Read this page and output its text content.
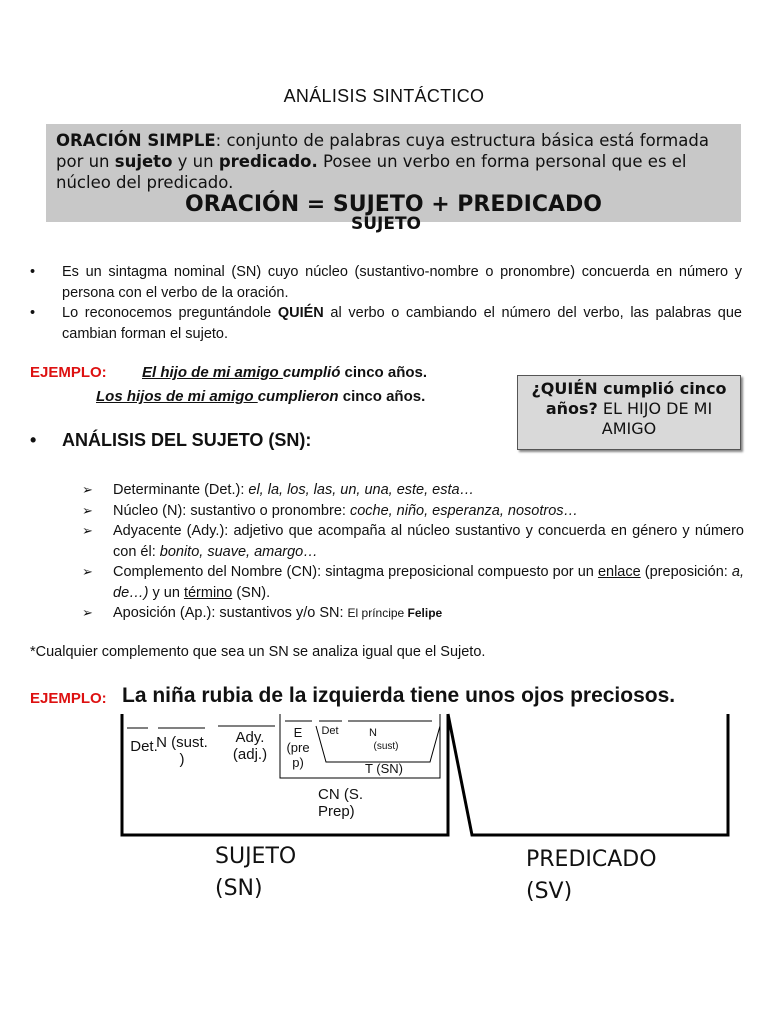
ANÁLISIS SINTÁCTICO
ORACIÓN SIMPLE: conjunto de palabras cuya estructura básica está formada por un sujeto y un predicado. Posee un verbo en forma personal que es el núcleo del predicado.
ORACIÓN = SUJETO + PREDICADO
SUJETO
• Es un sintagma nominal (SN) cuyo núcleo (sustantivo-nombre o pronombre) concuerda en número y persona con el verbo de la oración.
• Lo reconocemos preguntándole QUIÉN al verbo o cambiando el número del verbo, las palabras que cambian forman el sujeto.
EJEMPLO: El hijo de mi amigo cumplió cinco años.
Los hijos de mi amigo cumplieron cinco años.	¿QUIÉN cumplió cinco años? EL HIJO DE MI AMIGO
• ANÁLISIS DEL SUJETO (SN):
➢ Determinante (Det.): el, la, los, las, un, una, este, esta…
➢ Núcleo (N): sustantivo o pronombre: coche, niño, esperanza, nosotros…
➢ Adyacente (Ady.): adjetivo que acompaña al núcleo sustantivo y concuerda en género y número con él: bonito, suave, amargo…
➢ Complemento del Nombre (CN): sintagma preposicional compuesto por un enlace (preposición: a, de…) y un término (SN).
➢ Aposición (Ap.): sustantivos y/o SN: El príncipe Felipe
*Cualquier complemento que sea un SN se analiza igual que el Sujeto.
EJEMPLO: La niña rubia de la izquierda tiene unos ojos preciosos.
Det.
N (sust. )
Ady. (adj.)
E (pre p)
Det	N
(sust)
T (SN)
CN (S. Prep)
SUJETO (SN)
PREDICADO (SV)
